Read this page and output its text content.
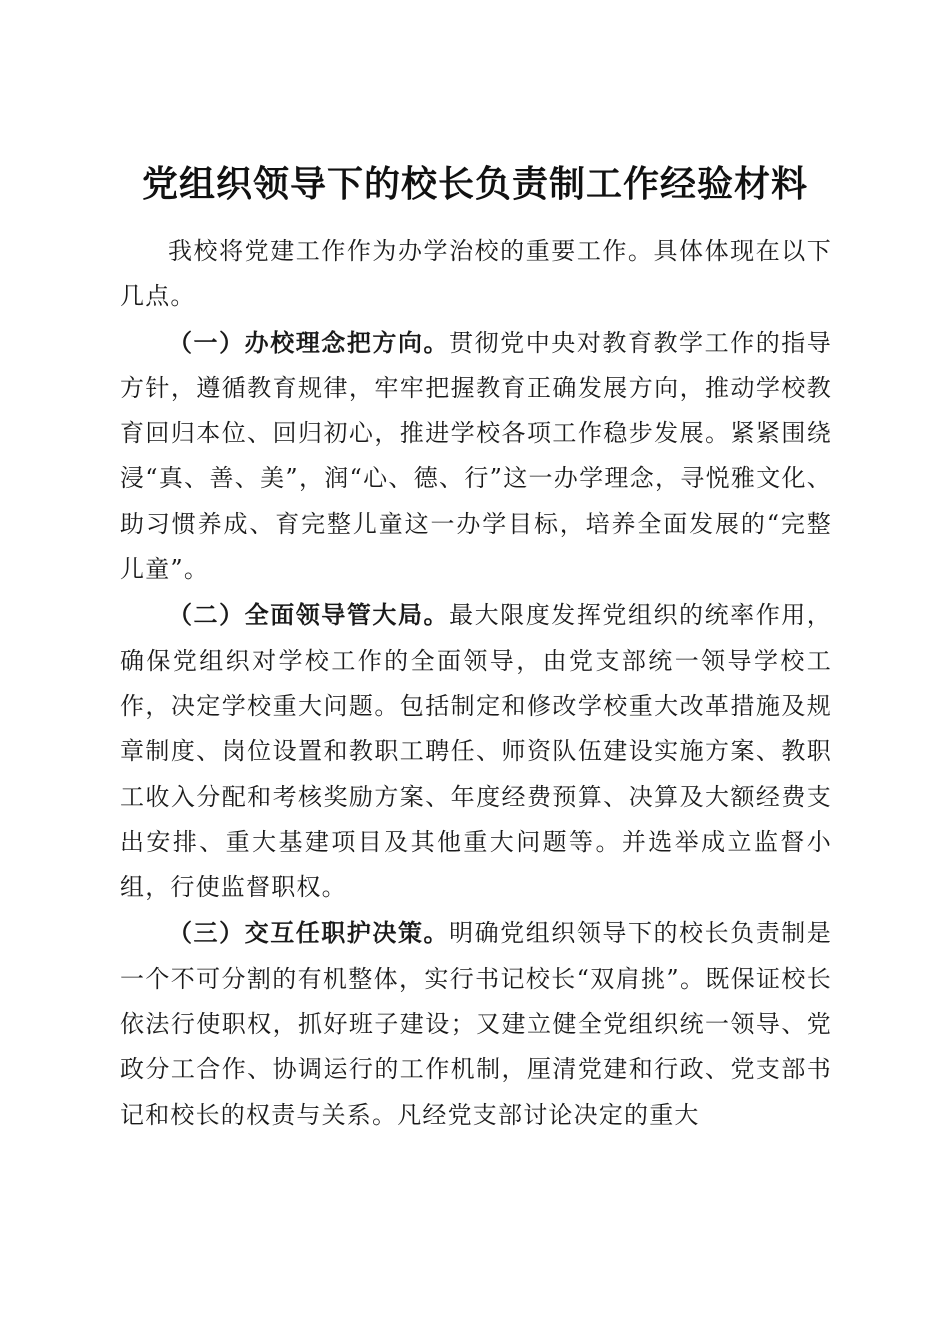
党组织领导下的校长负责制工作经验材料

我校将党建工作作为办学治校的重要工作。具体体现在以下几点。

（一）办校理念把方向。贯彻党中央对教育教学工作的指导方针，遵循教育规律，牢牢把握教育正确发展方向，推动学校教育回归本位、回归初心，推进学校各项工作稳步发展。紧紧围绕浸“真、善、美”，润“心、德、行”这一办学理念，寻悦雅文化、助习惯养成、育完整儿童这一办学目标，培养全面发展的“完整儿童”。

（二）全面领导管大局。最大限度发挥党组织的统率作用，确保党组织对学校工作的全面领导，由党支部统一领导学校工作，决定学校重大问题。包括制定和修改学校重大改革措施及规章制度、岗位设置和教职工聘任、师资队伍建设实施方案、教职工收入分配和考核奖励方案、年度经费预算、决算及大额经费支出安排、重大基建项目及其他重大问题等。并选举成立监督小组，行使监督职权。

（三）交互任职护决策。明确党组织领导下的校长负责制是一个不可分割的有机整体，实行书记校长“双肩挑”。既保证校长依法行使职权，抓好班子建设；又建立健全党组织统一领导、党政分工合作、协调运行的工作机制，厘清党建和行政、党支部书记和校长的权责与关系。凡经党支部讨论决定的重大
